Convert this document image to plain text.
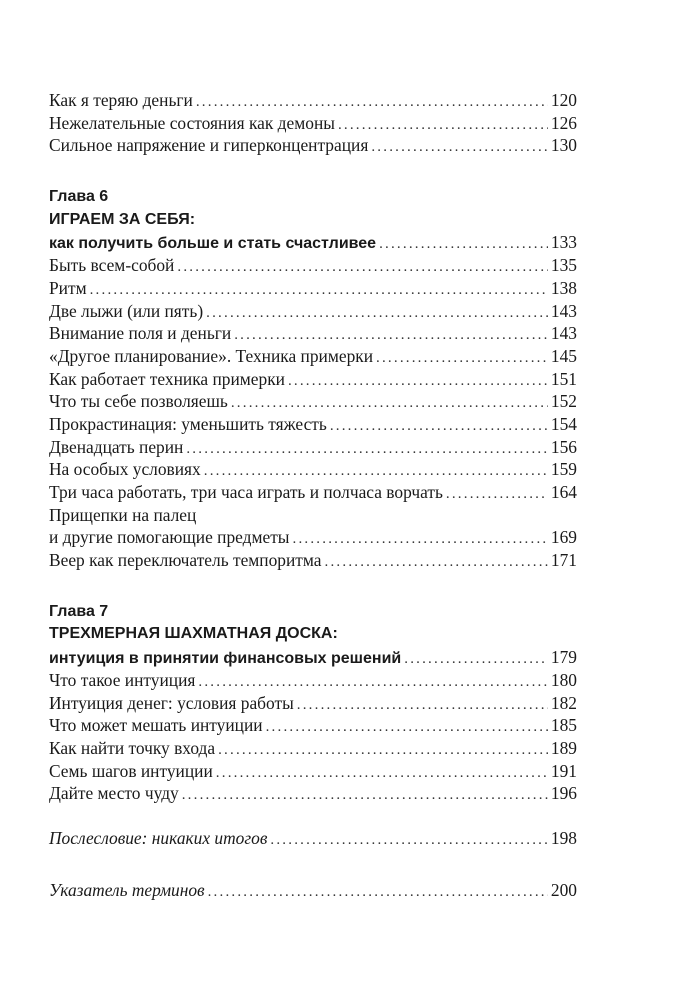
Как я теряю деньги .....	120
Нежелательные состояния как демоны .....	126
Сильное напряжение и гиперконцентрация .....	130
Глава 6
ИГРАЕМ ЗА СЕБЯ:
как получить больше и стать счастливее .....	133
Быть всем-собой .....	135
Ритм .....	138
Две лыжи (или пять) .....	143
Внимание поля и деньги .....	143
«Другое планирование». Техника примерки .....	145
Как работает техника примерки .....	151
Что ты себе позволяешь .....	152
Прокрастинация: уменьшить тяжесть .....	154
Двенадцать перин .....	156
На особых условиях .....	159
Три часа работать, три часа играть и полчаса ворчать .....	164
Прищепки на палец
и другие помогающие предметы .....	169
Веер как переключатель темпоритма .....	171
Глава 7
ТРЕХМЕРНАЯ ШАХМАТНАЯ ДОСКА:
интуиция в принятии финансовых решений .....	179
Что такое интуиция .....	180
Интуиция денег: условия работы .....	182
Что может мешать интуиции .....	185
Как найти точку входа .....	189
Семь шагов интуиции .....	191
Дайте место чуду .....	196
Послесловие: никаких итогов .....	198
Указатель терминов .....	200
